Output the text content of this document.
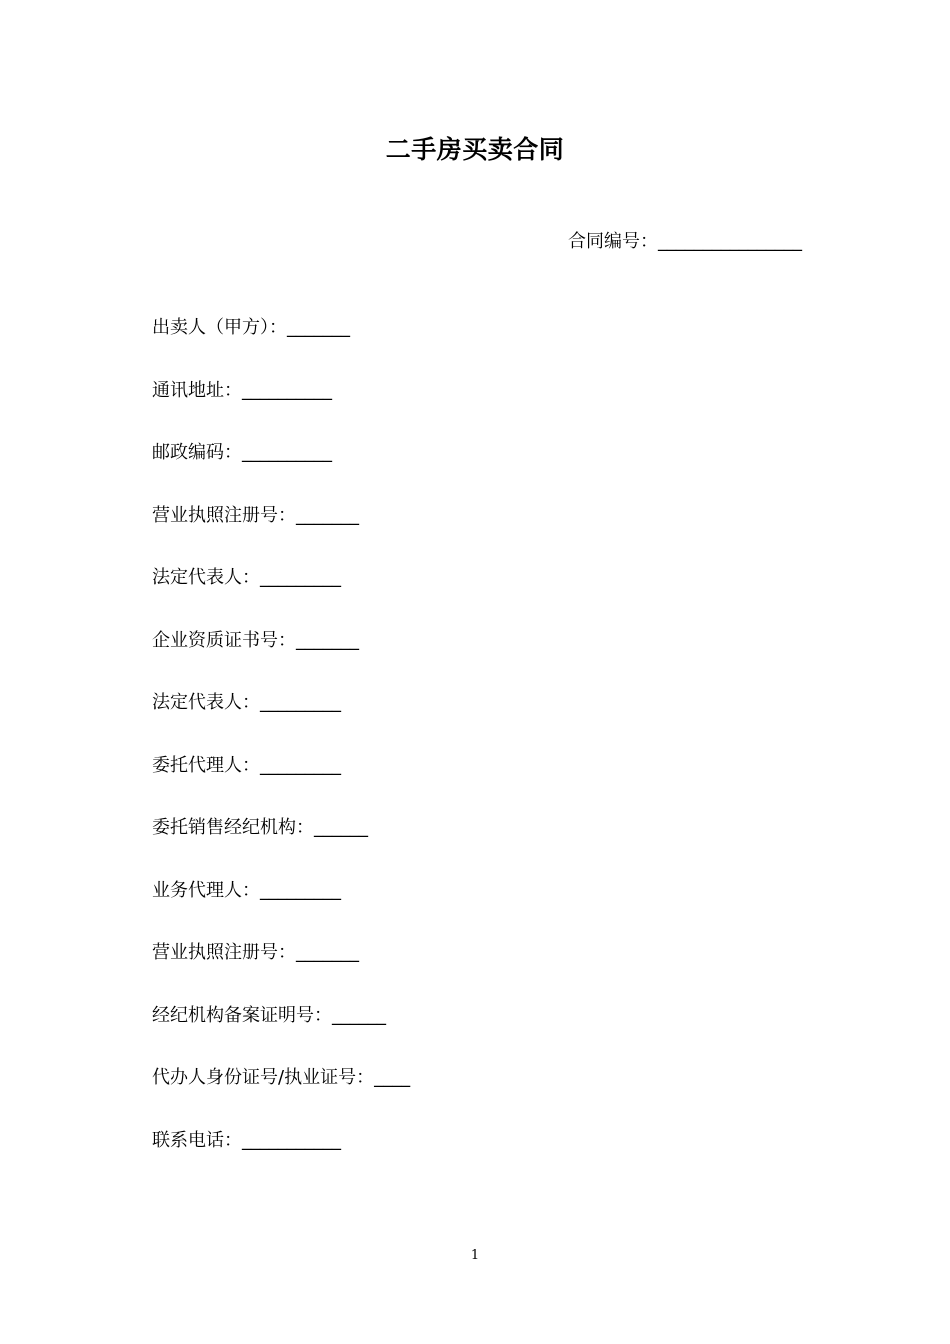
二手房买卖合同
合同编号：________________
出卖人（甲方）：_______
通讯地址：__________
邮政编码：__________
营业执照注册号：_______
法定代表人：_________
企业资质证书号：_______
法定代表人：_________
委托代理人：_________
委托销售经纪机构：______
业务代理人：_________
营业执照注册号：_______
经纪机构备案证明号：______
代办人身份证号/执业证号：____
联系电话：___________
1
